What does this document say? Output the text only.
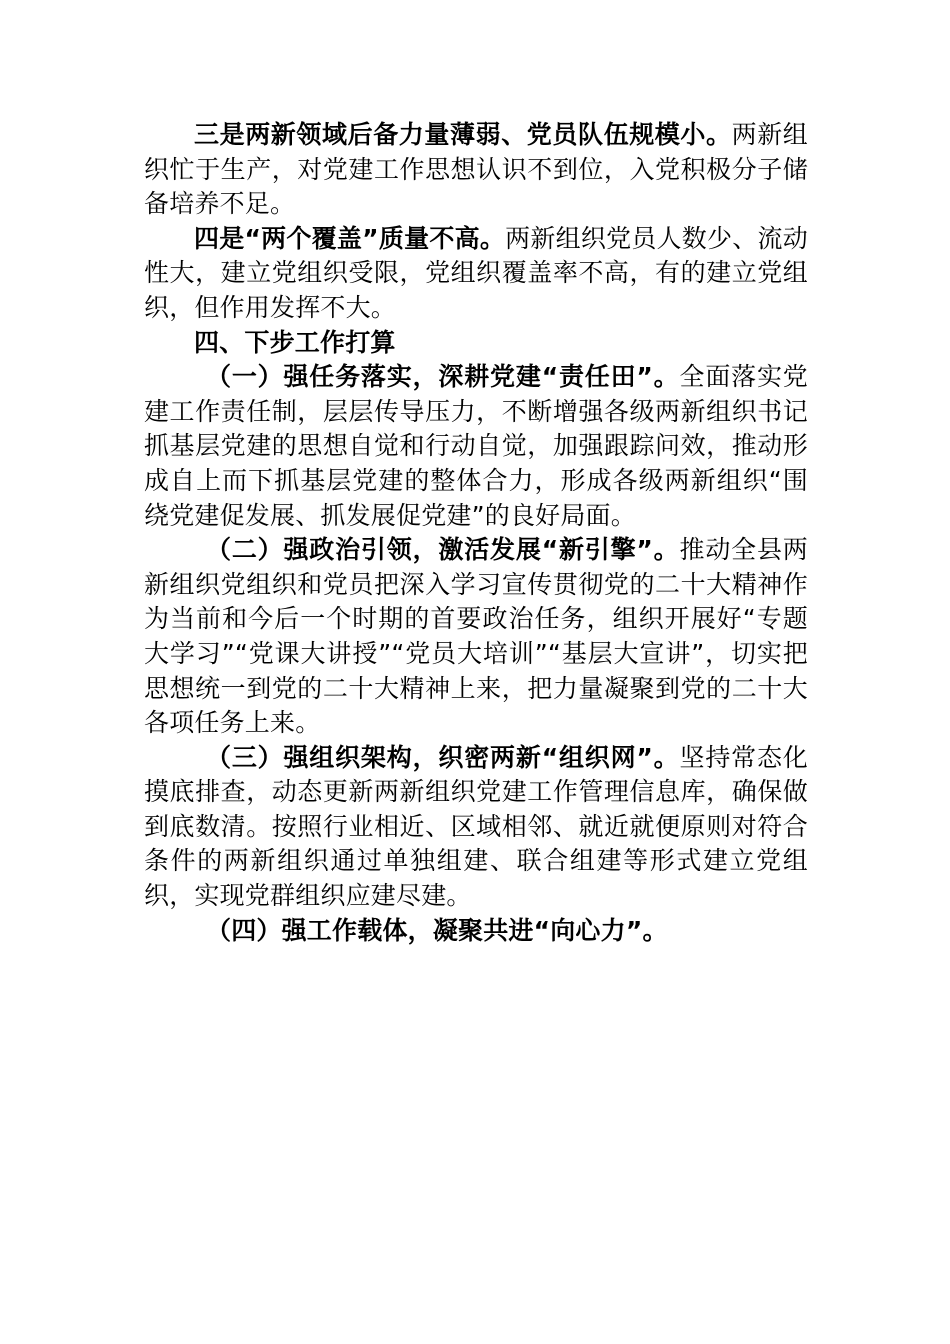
三是两新领域后备力量薄弱、党员队伍规模小。两新组织忙于生产，对党建工作思想认识不到位，入党积极分子储备培养不足。

四是“两个覆盖”质量不高。两新组织党员人数少、流动性大，建立党组织受限，党组织覆盖率不高，有的建立党组织，但作用发挥不大。

四、下步工作打算

（一）强任务落实，深耕党建“责任田”。全面落实党建工作责任制，层层传导压力，不断增强各级两新组织书记抓基层党建的思想自觉和行动自觉，加强跟踪问效，推动形成自上而下抓基层党建的整体合力，形成各级两新组织“围绕党建促发展、抓发展促党建”的良好局面。

（二）强政治引领，激活发展“新引擎”。推动全县两新组织党组织和党员把深入学习宣传贯彻党的二十大精神作为当前和今后一个时期的首要政治任务，组织开展好“专题大学习”“党课大讲授”“党员大培训”“基层大宣讲”，切实把思想统一到党的二十大精神上来，把力量凝聚到党的二十大各项任务上来。

（三）强组织架构，织密两新“组织网”。坚持常态化摸底排查，动态更新两新组织党建工作管理信息库，确保做到底数清。按照行业相近、区域相邻、就近就便原则对符合条件的两新组织通过单独组建、联合组建等形式建立党组织，实现党群组织应建尽建。

（四）强工作载体，凝聚共进“向心力”。
